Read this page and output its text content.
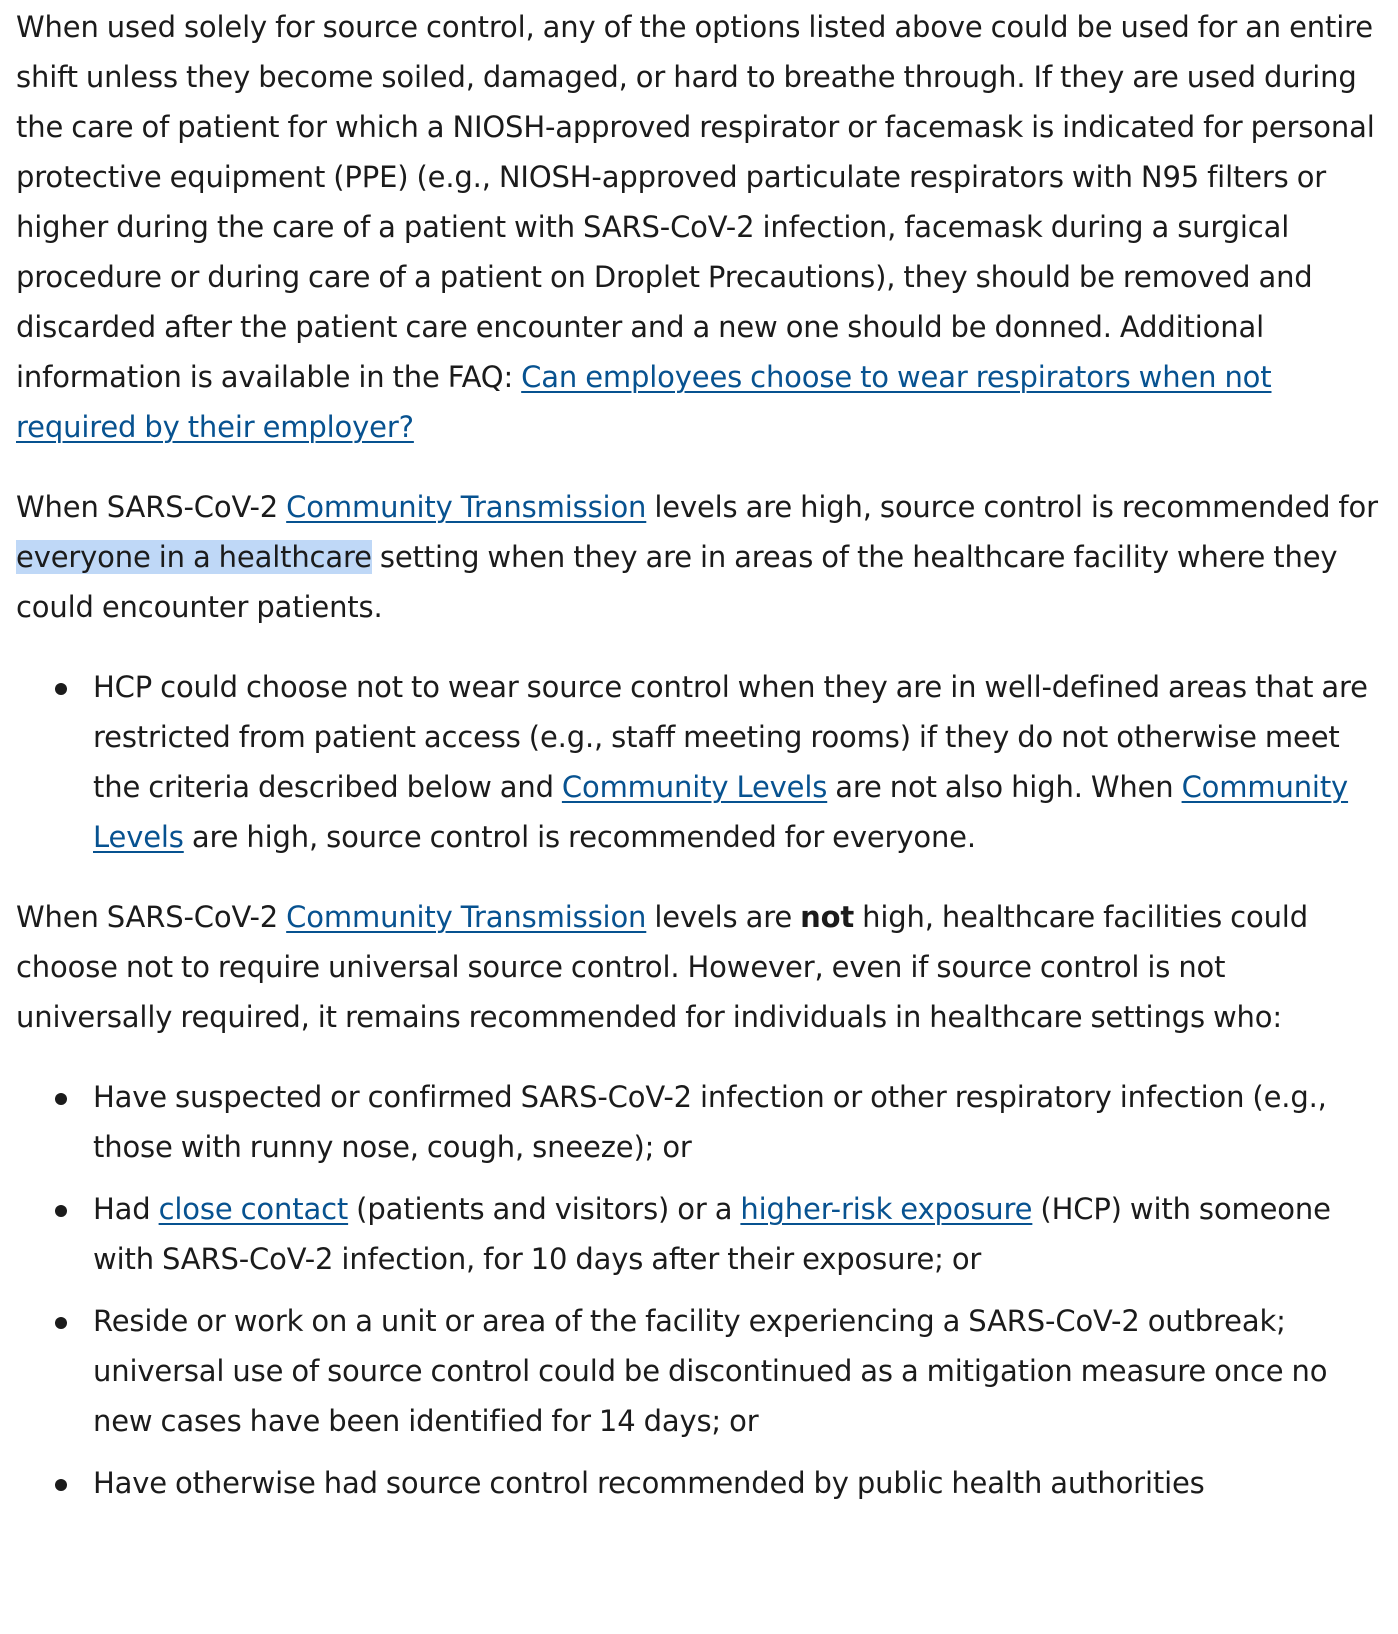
When used solely for source control, any of the options listed above could be used for an entire shift unless they become soiled, damaged, or hard to breathe through. If they are used during the care of patient for which a NIOSH-approved respirator or facemask is indicated for personal protective equipment (PPE) (e.g., NIOSH-approved particulate respirators with N95 filters or higher during the care of a patient with SARS-CoV-2 infection, facemask during a surgical procedure or during care of a patient on Droplet Precautions), they should be removed and discarded after the patient care encounter and a new one should be donned. Additional information is available in the FAQ: Can employees choose to wear respirators when not required by their employer?

When SARS-CoV-2 Community Transmission levels are high, source control is recommended for everyone in a healthcare setting when they are in areas of the healthcare facility where they could encounter patients.

HCP could choose not to wear source control when they are in well-defined areas that are restricted from patient access (e.g., staff meeting rooms) if they do not otherwise meet the criteria described below and Community Levels are not also high. When Community Levels are high, source control is recommended for everyone.

When SARS-CoV-2 Community Transmission levels are not high, healthcare facilities could choose not to require universal source control. However, even if source control is not universally required, it remains recommended for individuals in healthcare settings who:

Have suspected or confirmed SARS-CoV-2 infection or other respiratory infection (e.g., those with runny nose, cough, sneeze); or
Had close contact (patients and visitors) or a higher-risk exposure (HCP) with someone with SARS-CoV-2 infection, for 10 days after their exposure; or
Reside or work on a unit or area of the facility experiencing a SARS-CoV-2 outbreak; universal use of source control could be discontinued as a mitigation measure once no new cases have been identified for 14 days; or
Have otherwise had source control recommended by public health authorities
